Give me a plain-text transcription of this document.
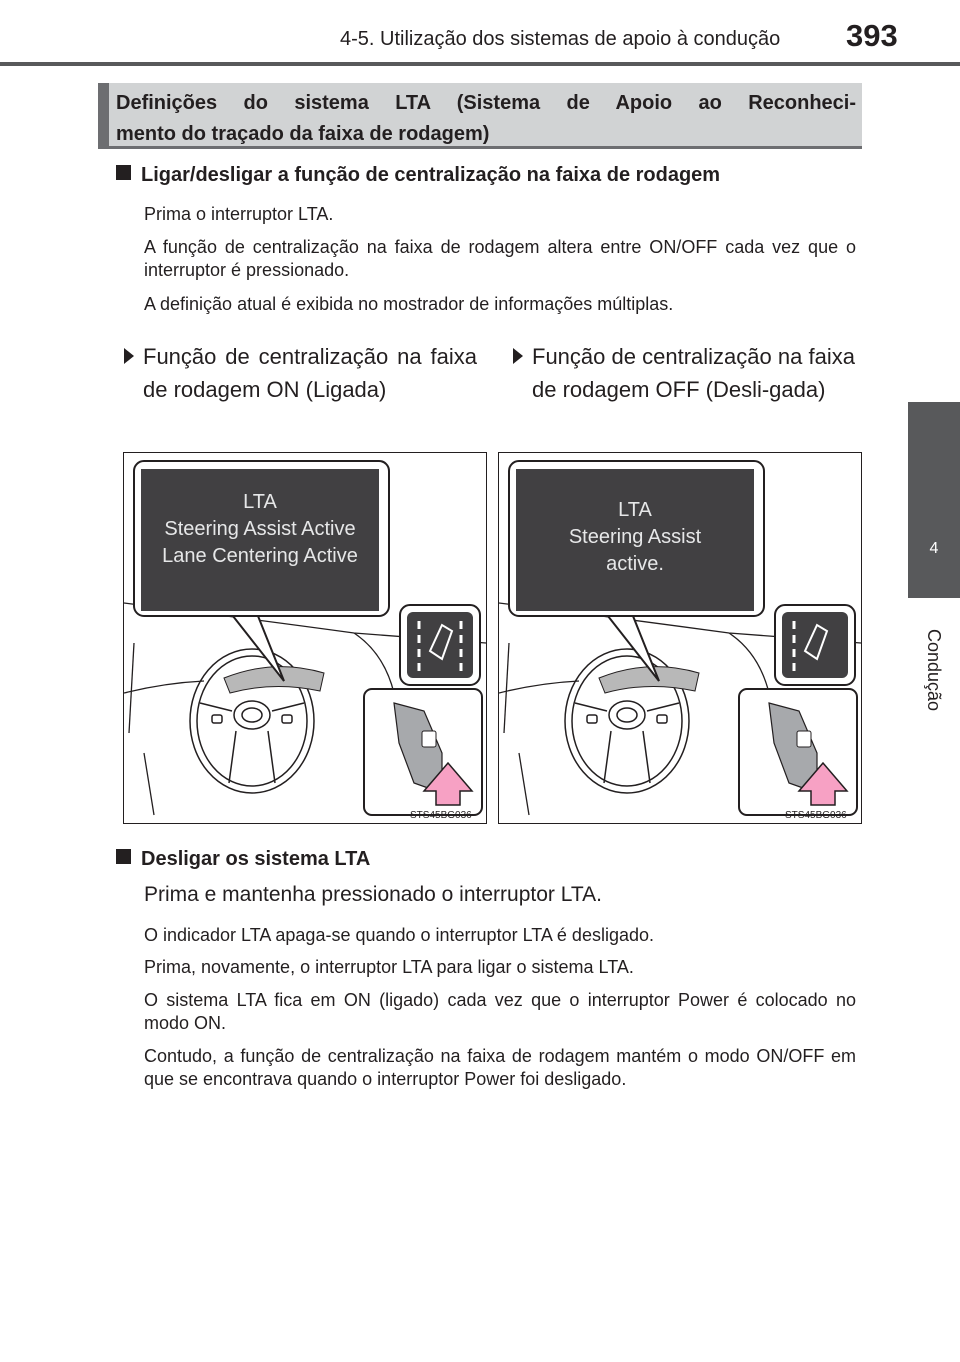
4-5. Utilização dos sistemas de apoio à condução 393
4
Condução
Definições do sistema LTA (Sistema de Apoio ao Reconheci-
mento do traçado da faixa de rodagem)
Ligar/desligar a função de centralização na faixa de rodagem
Prima o interruptor LTA.
A função de centralização na faixa de rodagem altera entre ON/OFF cada vez que o interruptor é pressionado.
A definição atual é exibida no mostrador de informações múltiplas.
Função de centralização na faixa de rodagem ON (Ligada)
Função de centralização na faixa de rodagem OFF (Desli-gada)
LTA
Steering Assist Active
Lane Centering Active
STS45BG036
LTA
Steering Assist
active.
STS45BG036
Desligar os sistema LTA
Prima e mantenha pressionado o interruptor LTA.
O indicador LTA apaga-se quando o interruptor LTA é desligado.
Prima, novamente, o interruptor LTA para ligar o sistema LTA.
O sistema LTA fica em ON (ligado) cada vez que o interruptor Power é colocado no modo ON.
Contudo, a função de centralização na faixa de rodagem mantém o modo ON/OFF em que se encontrava quando o interruptor Power foi desligado.
